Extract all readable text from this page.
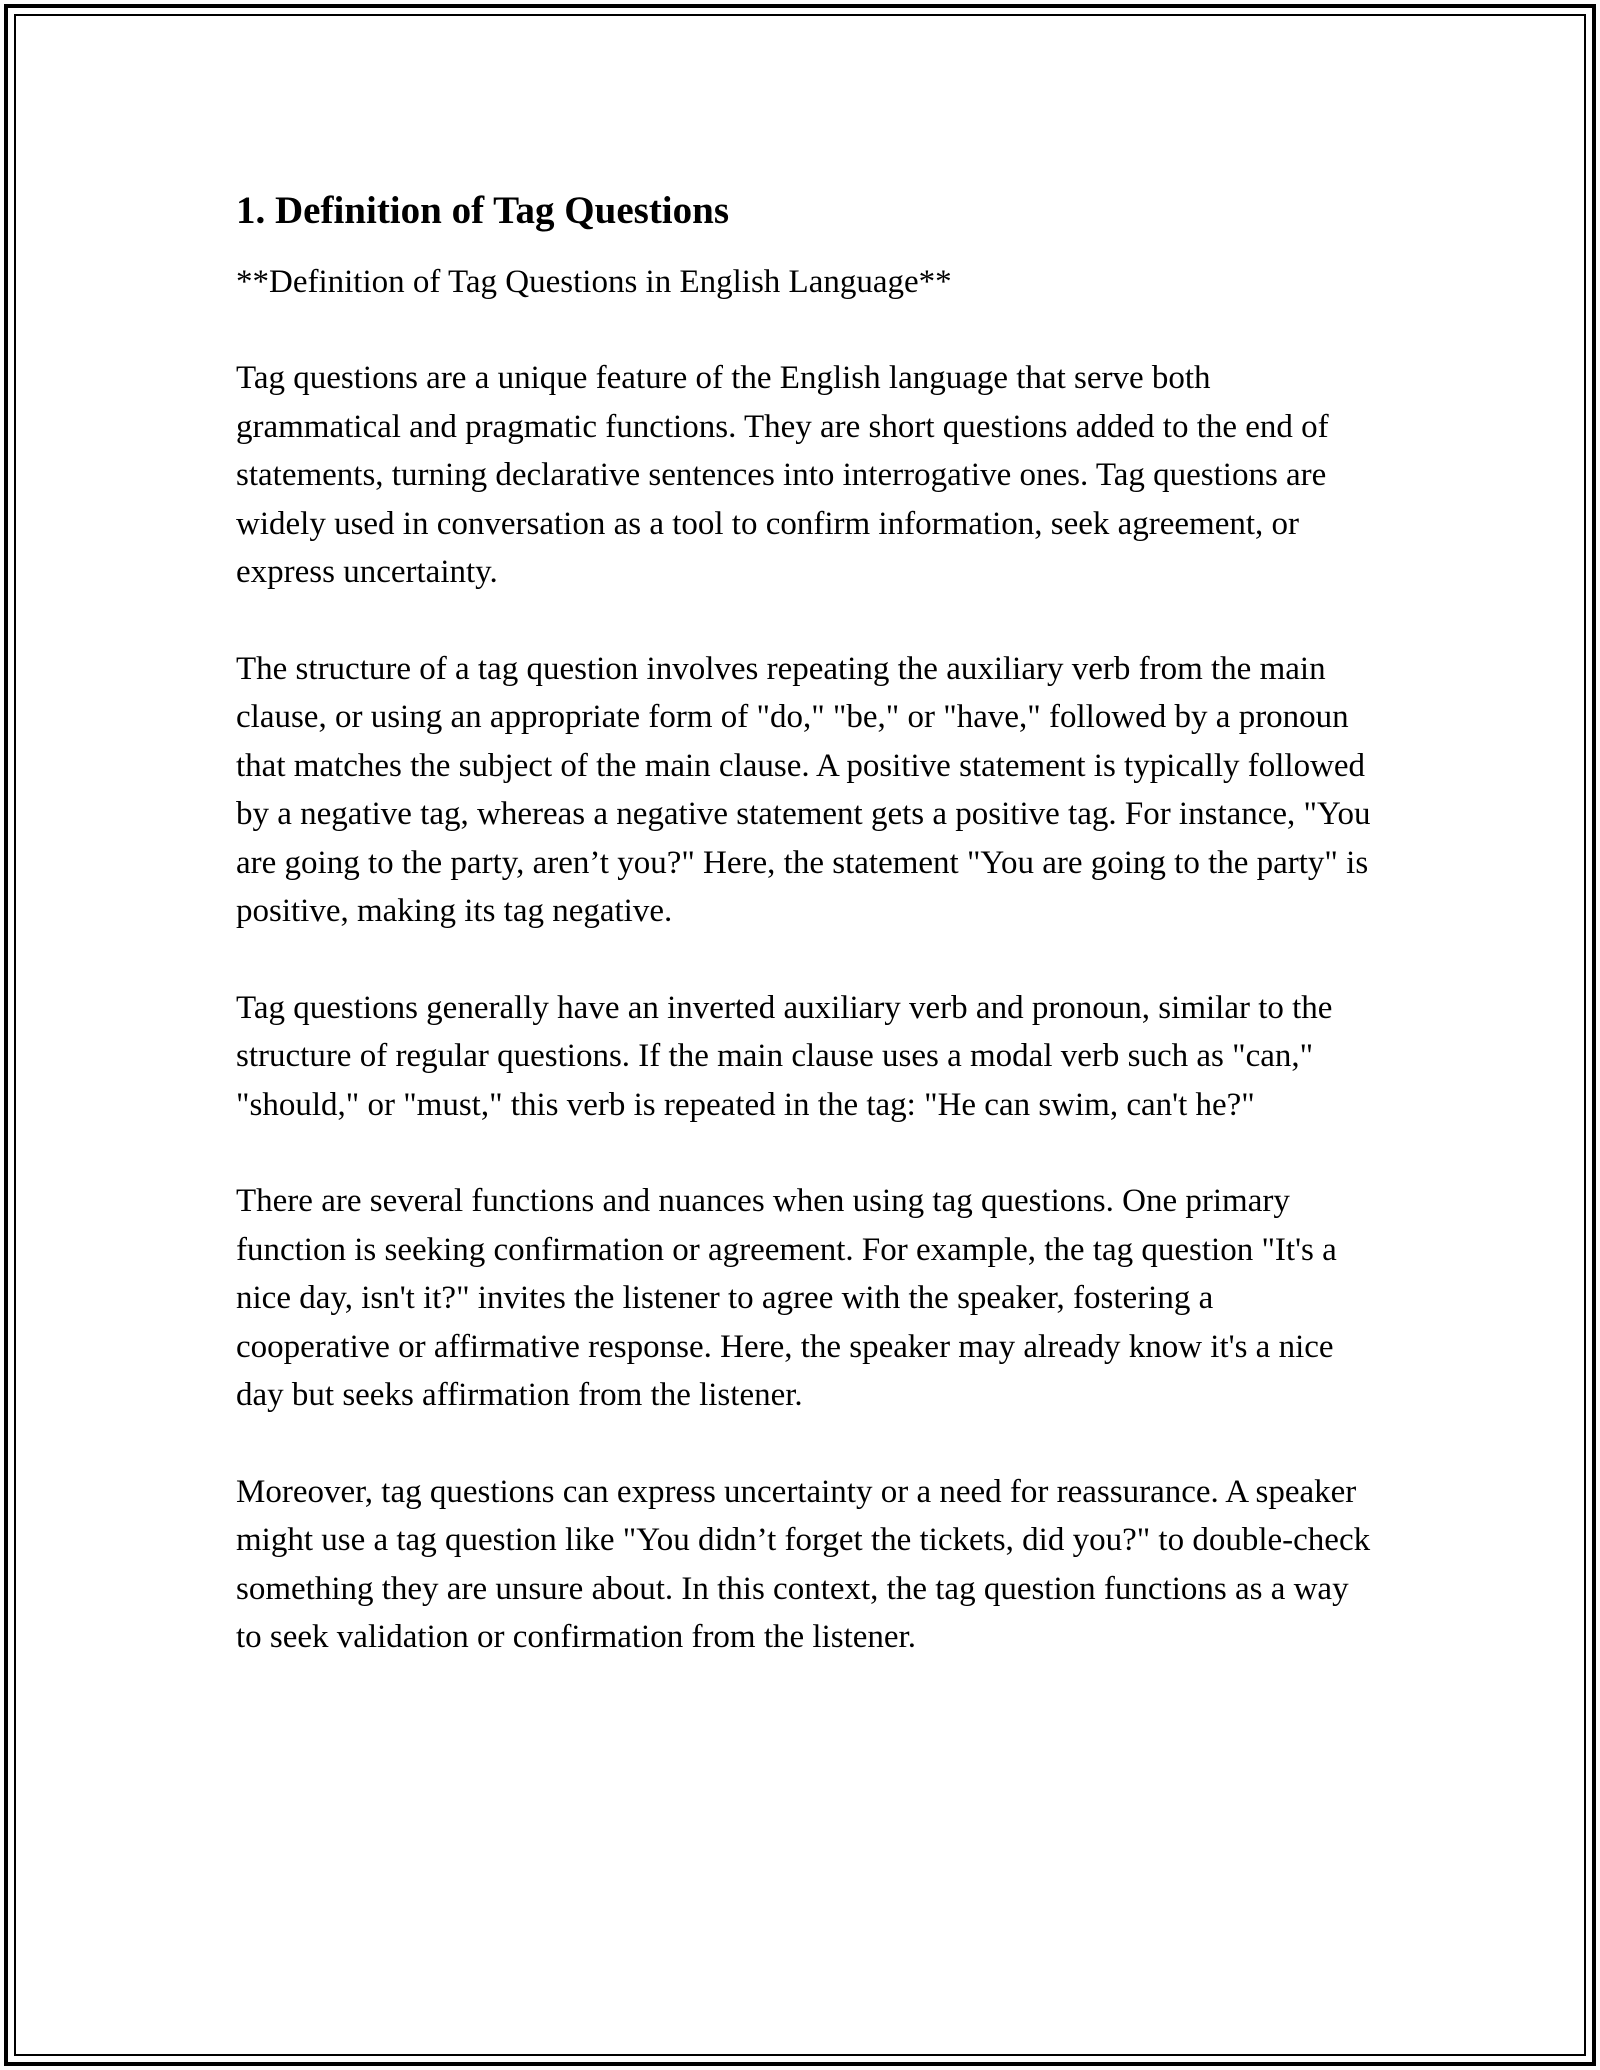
1. Definition of Tag Questions

**Definition of Tag Questions in English Language**

Tag questions are a unique feature of the English language that serve both grammatical and pragmatic functions. They are short questions added to the end of statements, turning declarative sentences into interrogative ones. Tag questions are widely used in conversation as a tool to confirm information, seek agreement, or express uncertainty.

The structure of a tag question involves repeating the auxiliary verb from the main clause, or using an appropriate form of "do," "be," or "have," followed by a pronoun that matches the subject of the main clause. A positive statement is typically followed by a negative tag, whereas a negative statement gets a positive tag. For instance, "You are going to the party, aren’t you?" Here, the statement "You are going to the party" is positive, making its tag negative.

Tag questions generally have an inverted auxiliary verb and pronoun, similar to the structure of regular questions. If the main clause uses a modal verb such as "can," "should," or "must," this verb is repeated in the tag: "He can swim, can't he?"

There are several functions and nuances when using tag questions. One primary function is seeking confirmation or agreement. For example, the tag question "It's a nice day, isn't it?" invites the listener to agree with the speaker, fostering a cooperative or affirmative response. Here, the speaker may already know it's a nice day but seeks affirmation from the listener.

Moreover, tag questions can express uncertainty or a need for reassurance. A speaker might use a tag question like "You didn’t forget the tickets, did you?" to double-check something they are unsure about. In this context, the tag question functions as a way to seek validation or confirmation from the listener.
